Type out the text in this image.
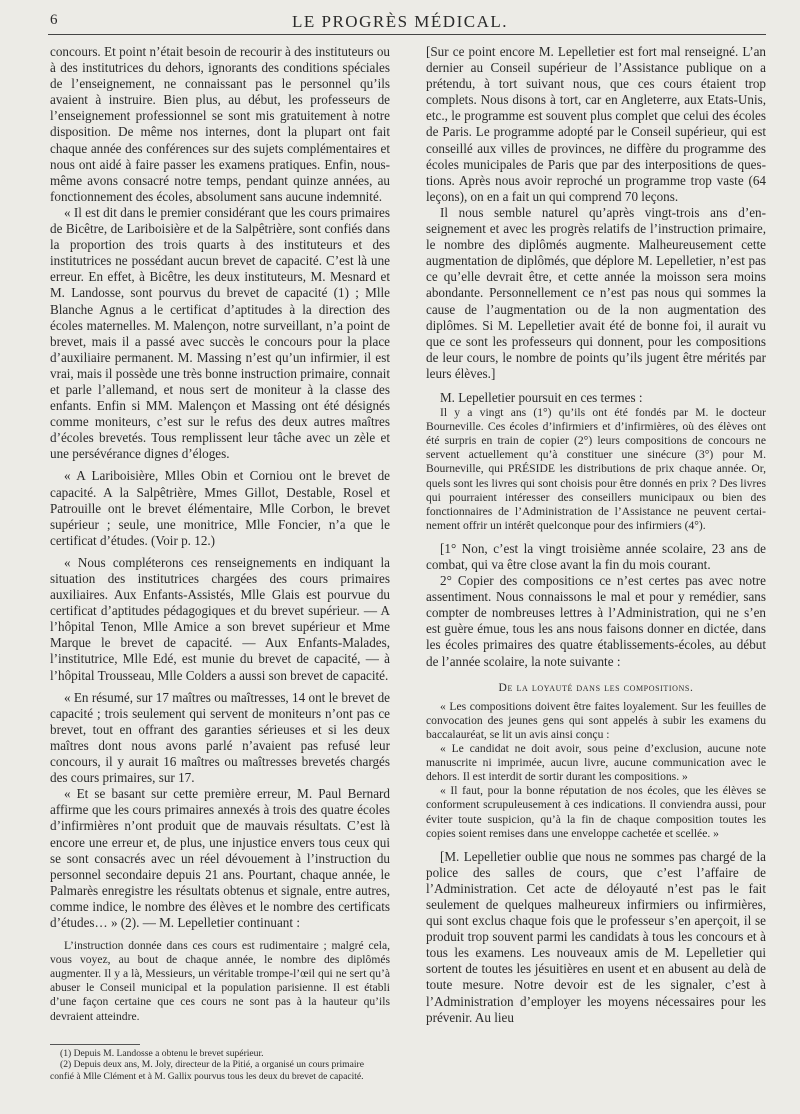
6	LE PROGRÈS MÉDICAL.

concours. Et point n’était besoin de recourir à des instituteurs ou à des institutrices du dehors, ignorants des conditions spéciales de l’enseignement, ne connaissant pas le personnel qu’ils avaient à instruire. Bien plus, au début, les professeurs de l’enseignement professionnel se sont mis gratuitement à notre disposition. De même nos internes, dont la plupart ont fait chaque année des conférences sur des sujets complémentaires et nous ont aidé à faire passer les examens pratiques. Enfin, nous-même avons consacré notre temps, pendant quinze années, au fonctionnement des écoles, absolument sans aucune indemnité.

« Il est dit dans le premier considérant que les cours primaires de Bicêtre, de Lariboisière et de la Salpêtrière, sont confiés dans la proportion des trois quarts à des instituteurs et des institutrices ne possédant aucun brevet de capacité. C’est là une erreur. En effet, à Bicêtre, les deux instituteurs, M. Mesnard et M. Landosse, sont pourvus du brevet de capacité (1) ; Mlle Blanche Agnus a le certificat d’aptitudes à la direction des écoles maternelles. M. Malençon, notre surveillant, n’a point de brevet, mais il a passé avec succès le concours pour la place d’auxiliaire permanent. M. Massing n’est qu’un infirmier, il est vrai, mais il possède une très bonne instruction primaire, connait et parle l’allemand, et nous sert de moniteur à la classe des enfants. Enfin si MM. Malençon et Massing ont été désignés comme moniteurs, c’est sur le refus des deux autres maîtres d’écoles brevetés. Tous remplissent leur tâche avec un zèle et une persévérance dignes d’éloges.

« A Lariboisière, Mlles Obin et Corniou ont le brevet de capacité. A la Salpêtrière, Mmes Gillot, Destable, Rosel et Patrouille ont le brevet élémentaire, Mlle Corbon, le brevet supérieur ; seule, une monitrice, Mlle Foncier, n’a que le certificat d’études. (Voir p. 12.)

« Nous compléterons ces renseignements en indiquant la situation des institutrices chargées des cours primaires auxiliaires. Aux Enfants-Assistés, Mlle Glais est pourvue du certificat d’aptitudes pédagogiques et du brevet supérieur. — A l’hôpital Tenon, Mlle Amice a son brevet supérieur et Mme Marque le brevet de capacité. — Aux Enfants-Malades, l’institutrice, Mlle Edé, est munie du brevet de capacité, — à l’hôpital Trousseau, Mlle Colders a aussi son brevet de capacité.

« En résumé, sur 17 maîtres ou maîtresses, 14 ont le brevet de capacité ; trois seulement qui servent de moniteurs n’ont pas ce brevet, tout en offrant des garanties sérieuses et si les deux maîtres dont nous avons parlé n’avaient pas refusé leur concours, il y aurait 16 maîtres ou maîtresses brevetés chargés des cours primaires, sur 17.

« Et se basant sur cette première erreur, M. Paul Bernard affirme que les cours primaires annexés à trois des quatre écoles d’infirmières n’ont produit que de mauvais résultats. C’est là encore une erreur et, de plus, une injustice envers tous ceux qui se sont consacrés avec un réel dévouement à l’instruction du personnel secondaire depuis 21 ans. Pourtant, chaque année, le Palmarès enregistre les résultats obtenus et signale, entre autres, comme indice, le nombre des élèves et le nombre des certificats d’études… » (2). — M. Lepelletier continuant :

L’instruction donnée dans ces cours est rudimentaire ; malgré cela, vous voyez, au bout de chaque année, le nombre des diplômés augmenter. Il y a là, Messieurs, un véritable trompe-l’œil qui ne sert qu’à abuser le Conseil municipal et la population parisienne. Il est établi d’une façon certaine que ces cours ne sont pas à la hauteur qu’ils devraient atteindre.

(1) Depuis M. Landosse a obtenu le brevet supérieur.

(2) Depuis deux ans, M. Joly, directeur de la Pitié, a organisé un cours primaire confié à Mlle Clément et à M. Gallix pourvus tous les deux du brevet de capacité.

[Sur ce point encore M. Lepelletier est fort mal renseigné. L’an dernier au Conseil supérieur de l’Assistance publique on a prétendu, à tort suivant nous, que ces cours étaient trop complets. Nous disons à tort, car en Angleterre, aux Etats-Unis, etc., le programme est souvent plus complet que celui des écoles de Paris. Le programme adopté par le Conseil supérieur, qui est conseillé aux villes de provinces, ne diffère du programme des écoles municipales de Paris que par des interpositions de questions. Après nous avoir reproché un programme trop vaste (64 leçons), on en a fait un qui comprend 70 leçons.

Il nous semble naturel qu’après vingt-trois ans d’enseignement et avec les progrès relatifs de l’instruction primaire, le nombre des diplômés augmente. Malheureusement cette augmentation de diplômés, que déplore M. Lepelletier, n’est pas ce qu’elle devrait être, et cette année la moisson sera moins abondante. Personnellement ce n’est pas nous qui sommes la cause de l’augmentation ou de la non augmentation des diplômes. Si M. Lepelletier avait été de bonne foi, il aurait vu que ce sont les professeurs qui donnent, pour les compositions de leur cours, le nombre de points qu’ils jugent être mérités par leurs élèves.]

M. Lepelletier poursuit en ces termes :

Il y a vingt ans (1°) qu’ils ont été fondés par M. le docteur Bourneville. Ces écoles d’infirmiers et d’infirmières, où des élèves ont été surpris en train de copier (2°) leurs compositions de concours ne servent actuellement qu’à constituer une sinécure (3°) pour M. Bourneville, qui PRÉSIDE les distributions de prix chaque année. Or, quels sont les livres qui sont choisis pour être donnés en prix ? Des livres qui pourraient intéresser des conseillers municipaux ou bien des fonctionnaires de l’Administration de l’Assistance ne peuvent certainement offrir un intérêt quelconque pour des infirmiers (4°).

[1° Non, c’est la vingt troisième année scolaire, 23 ans de combat, qui va être close avant la fin du mois courant.

2° Copier des compositions ce n’est certes pas avec notre assentiment. Nous connaissons le mal et pour y remédier, sans compter de nombreuses lettres à l’Administration, qui ne s’en est guère émue, tous les ans nous faisons donner en dictée, dans les écoles primaires des quatre établissements-écoles, au début de l’année scolaire, la note suivante :

De la loyauté dans les compositions.

« Les compositions doivent être faites loyalement. Sur les feuilles de convocation des jeunes gens qui sont appelés à subir les examens du baccalauréat, se lit un avis ainsi conçu :

« Le candidat ne doit avoir, sous peine d’exclusion, aucune note manuscrite ni imprimée, aucun livre, aucune communication avec le dehors. Il est interdit de sortir durant les compositions. »

« Il faut, pour la bonne réputation de nos écoles, que les élèves se conforment scrupuleusement à ces indications. Il conviendra aussi, pour éviter toute suspicion, qu’à la fin de chaque composition toutes les copies soient remises dans une enveloppe cachetée et scellée. »

[M. Lepelletier oublie que nous ne sommes pas chargé de la police des salles de cours, que c’est l’affaire de l’Administration. Cet acte de déloyauté n’est pas le fait seulement de quelques malheureux infirmiers ou infirmières, qui sont exclus chaque fois que le professeur s’en aperçoit, il se produit trop souvent parmi les candidats à tous les concours et à tous les examens. Les nouveaux amis de M. Lepelletier qui sortent de toutes les jésuitières en usent et en abusent au delà de toute mesure. Notre devoir est de les signaler, c’est à l’Administration d’employer les moyens nécessaires pour les prévenir. Au lieu
